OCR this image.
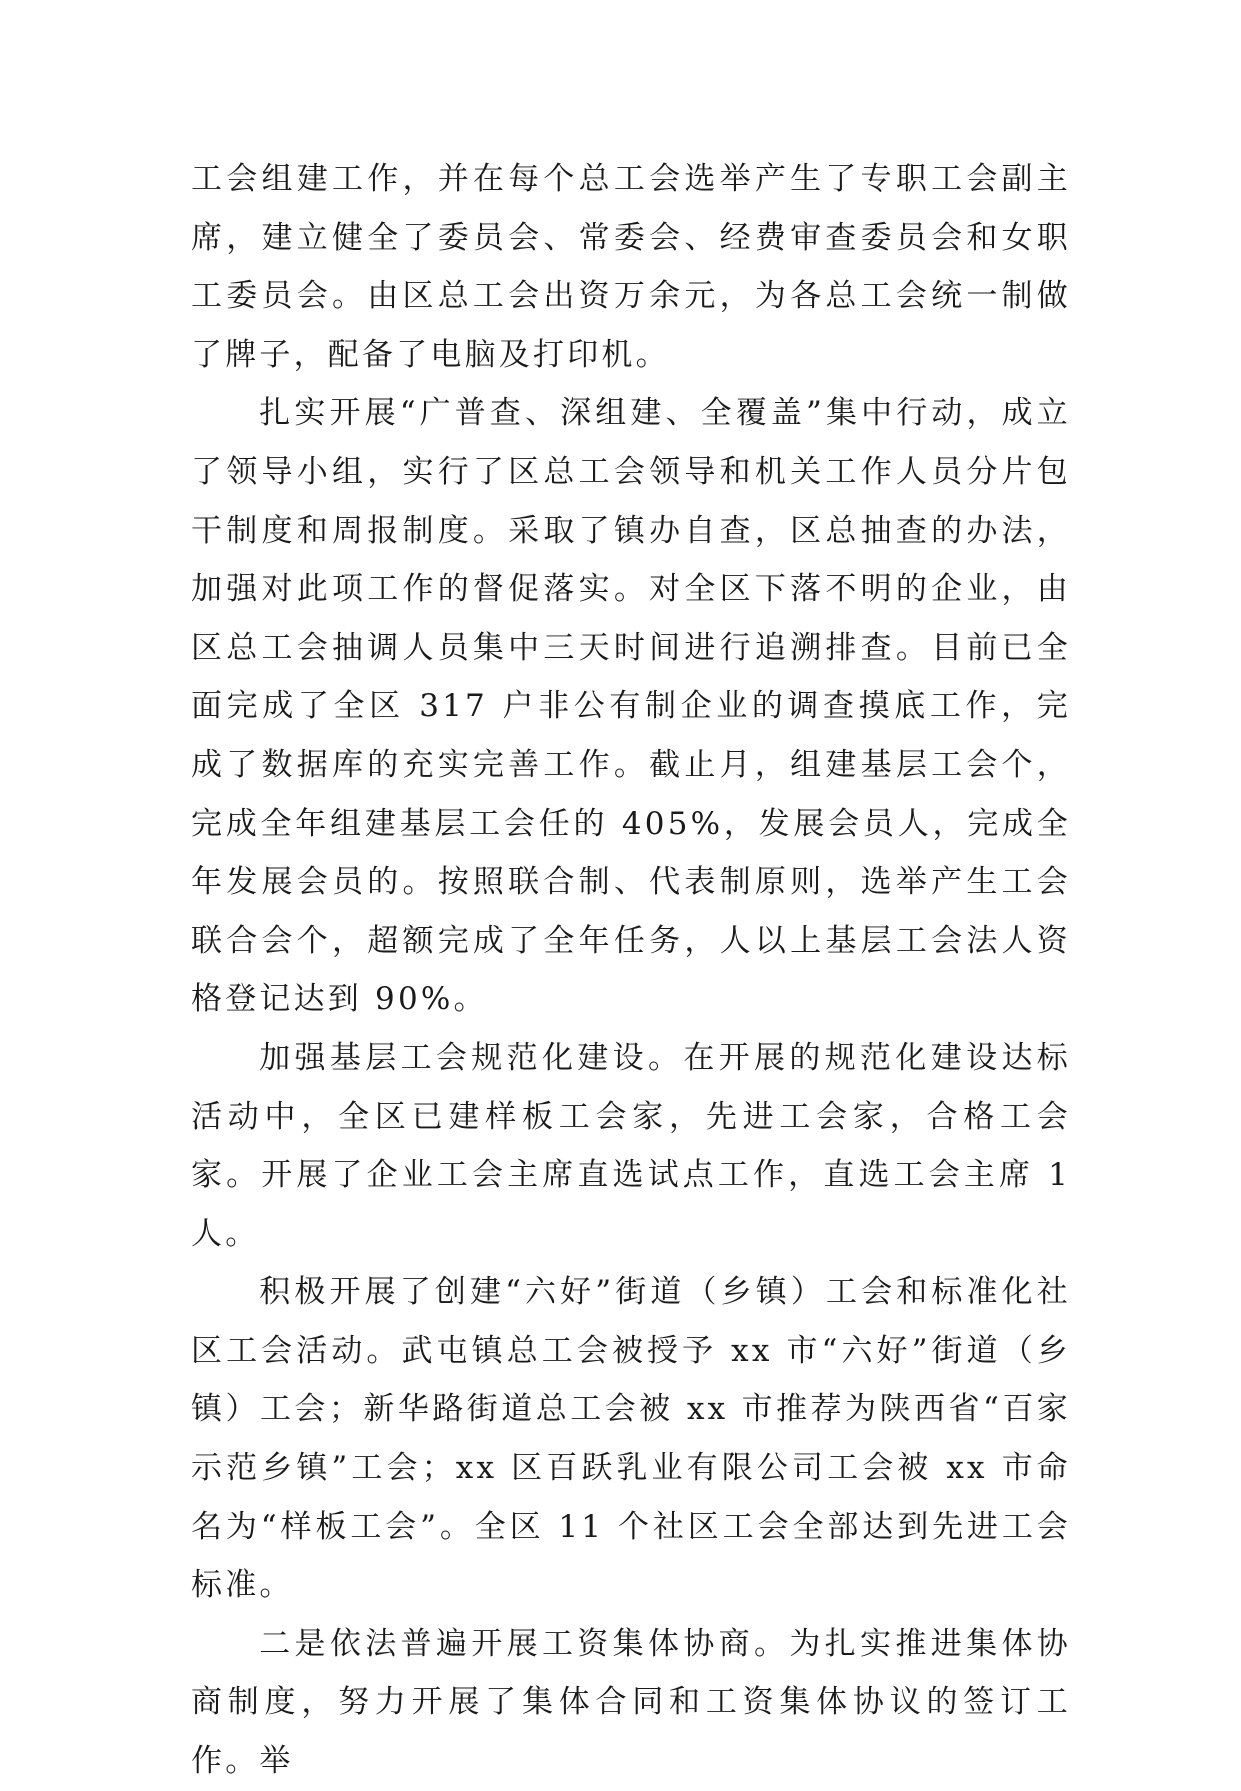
工会组建工作，并在每个总工会选举产生了专职工会副主席，建立健全了委员会、常委会、经费审查委员会和女职工委员会。由区总工会出资万余元，为各总工会统一制做了牌子，配备了电脑及打印机。

扎实开展“广普查、深组建、全覆盖”集中行动，成立了领导小组，实行了区总工会领导和机关工作人员分片包干制度和周报制度。采取了镇办自查，区总抽查的办法，加强对此项工作的督促落实。对全区下落不明的企业，由区总工会抽调人员集中三天时间进行追溯排查。目前已全面完成了全区 317 户非公有制企业的调查摸底工作，完成了数据库的充实完善工作。截止月，组建基层工会个，完成全年组建基层工会任的 405%，发展会员人，完成全年发展会员的。按照联合制、代表制原则，选举产生工会联合会个，超额完成了全年任务，人以上基层工会法人资格登记达到 90%。

加强基层工会规范化建设。在开展的规范化建设达标活动中，全区已建样板工会家，先进工会家，合格工会家。开展了企业工会主席直选试点工作，直选工会主席 1 人。

积极开展了创建“六好”街道（乡镇）工会和标准化社区工会活动。武屯镇总工会被授予 xx 市“六好”街道（乡镇）工会；新华路街道总工会被 xx 市推荐为陕西省“百家示范乡镇”工会；xx 区百跃乳业有限公司工会被 xx 市命名为“样板工会”。全区 11 个社区工会全部达到先进工会标准。

二是依法普遍开展工资集体协商。为扎实推进集体协商制度，努力开展了集体合同和工资集体协议的签订工作。举
